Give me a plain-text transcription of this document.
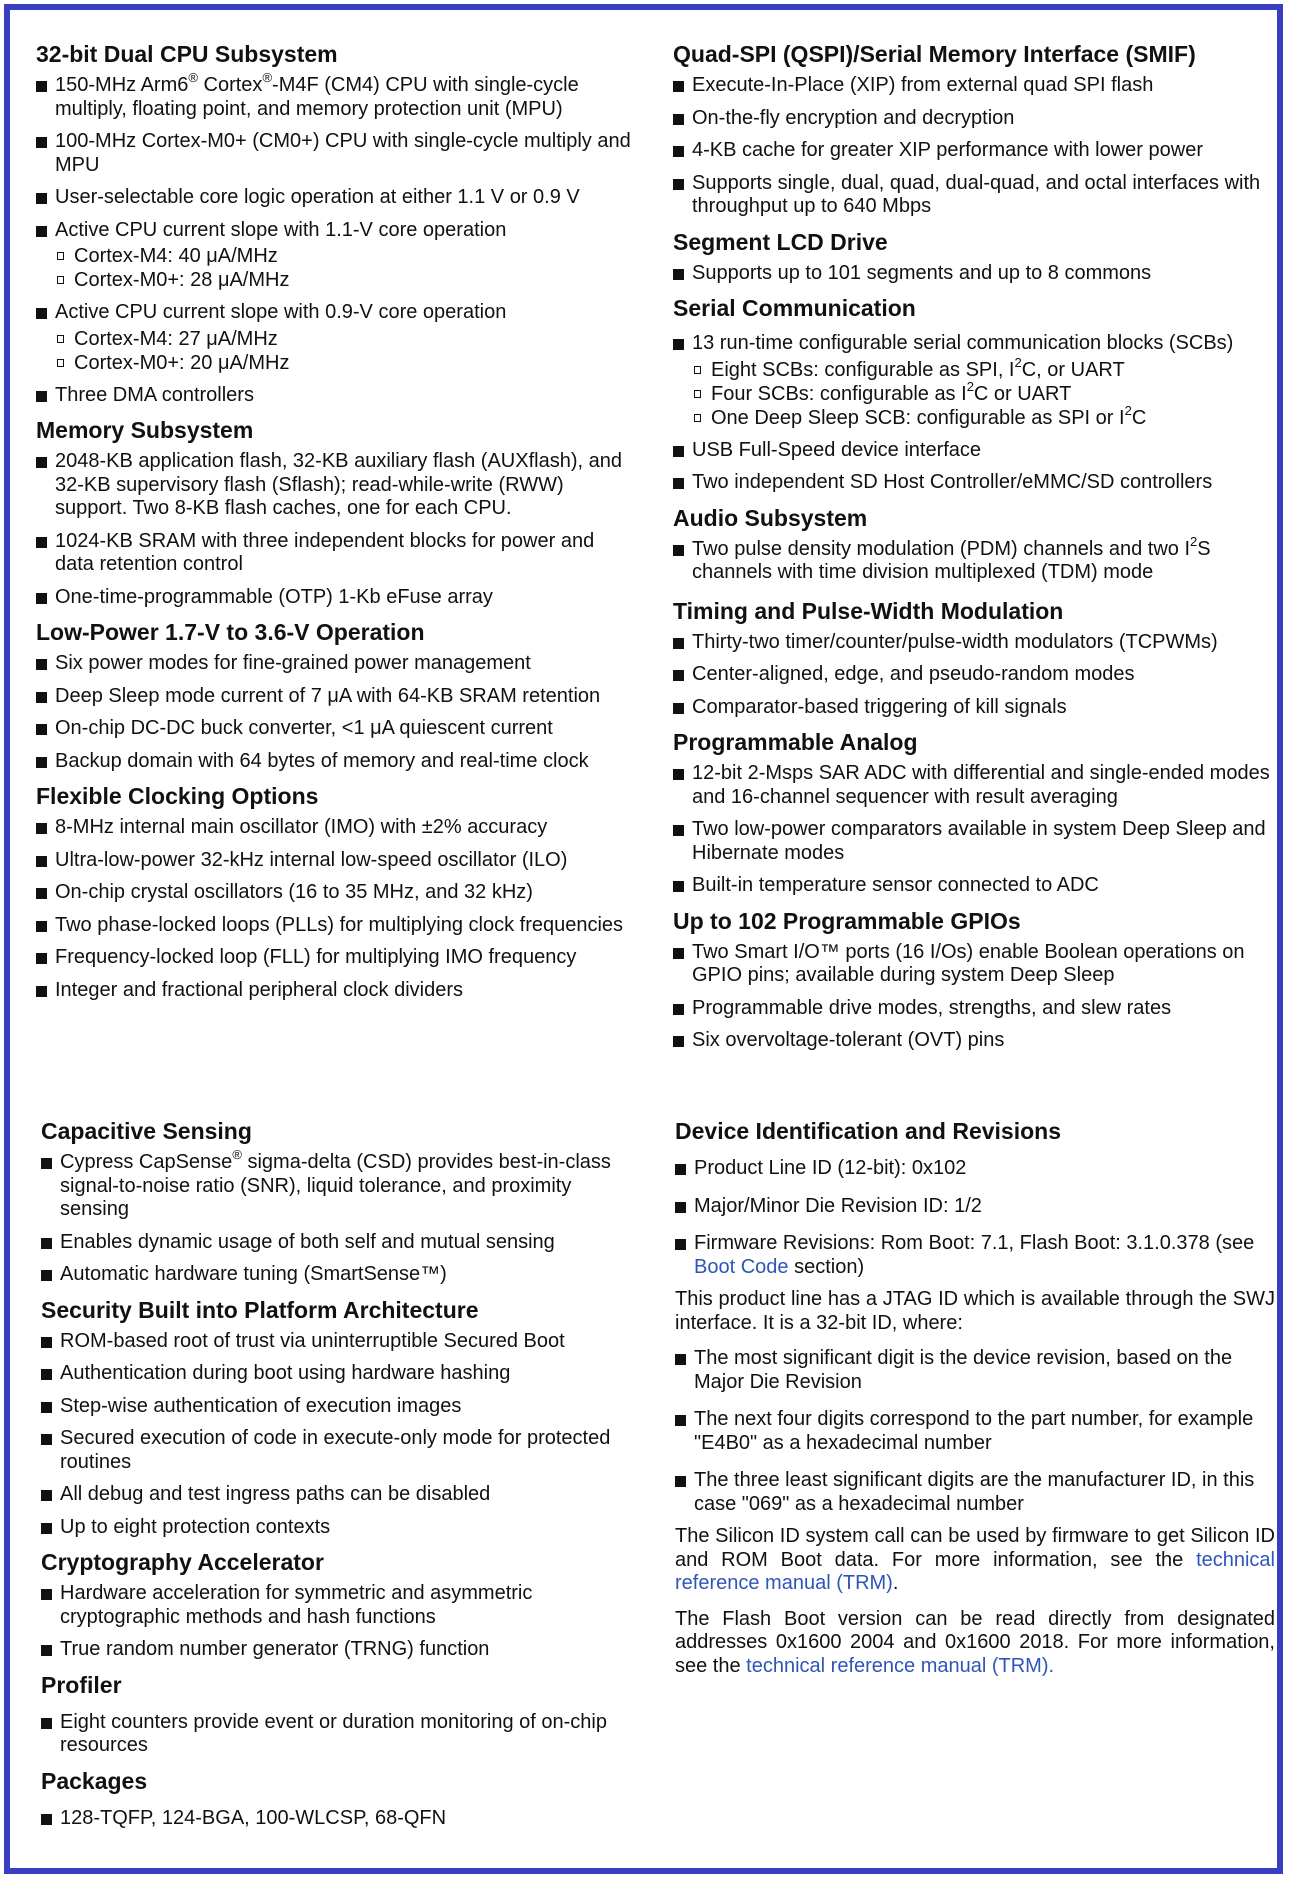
32-bit Dual CPU Subsystem
150-MHz Arm6® Cortex®-M4F (CM4) CPU with single-cycle multiply, floating point, and memory protection unit (MPU)
100-MHz Cortex-M0+ (CM0+) CPU with single-cycle multiply and MPU
User-selectable core logic operation at either 1.1 V or 0.9 V
Active CPU current slope with 1.1-V core operation
Cortex-M4: 40 μA/MHz
Cortex-M0+: 28 μA/MHz
Active CPU current slope with 0.9-V core operation
Cortex-M4: 27 μA/MHz
Cortex-M0+: 20 μA/MHz
Three DMA controllers
Memory Subsystem
2048-KB application flash, 32-KB auxiliary flash (AUXflash), and 32-KB supervisory flash (Sflash); read-while-write (RWW) support. Two 8-KB flash caches, one for each CPU.
1024-KB SRAM with three independent blocks for power and data retention control
One-time-programmable (OTP) 1-Kb eFuse array
Low-Power 1.7-V to 3.6-V Operation
Six power modes for fine-grained power management
Deep Sleep mode current of 7 μA with 64-KB SRAM retention
On-chip DC-DC buck converter, <1 μA quiescent current
Backup domain with 64 bytes of memory and real-time clock
Flexible Clocking Options
8-MHz internal main oscillator (IMO) with ±2% accuracy
Ultra-low-power 32-kHz internal low-speed oscillator (ILO)
On-chip crystal oscillators (16 to 35 MHz, and 32 kHz)
Two phase-locked loops (PLLs) for multiplying clock frequencies
Frequency-locked loop (FLL) for multiplying IMO frequency
Integer and fractional peripheral clock dividers
Capacitive Sensing
Cypress CapSense® sigma-delta (CSD) provides best-in-class signal-to-noise ratio (SNR), liquid tolerance, and proximity sensing
Enables dynamic usage of both self and mutual sensing
Automatic hardware tuning (SmartSense™)
Security Built into Platform Architecture
ROM-based root of trust via uninterruptible Secured Boot
Authentication during boot using hardware hashing
Step-wise authentication of execution images
Secured execution of code in execute-only mode for protected routines
All debug and test ingress paths can be disabled
Up to eight protection contexts
Cryptography Accelerator
Hardware acceleration for symmetric and asymmetric cryptographic methods and hash functions
True random number generator (TRNG) function
Profiler
Eight counters provide event or duration monitoring of on-chip resources
Packages
128-TQFP, 124-BGA, 100-WLCSP, 68-QFN
Quad-SPI (QSPI)/Serial Memory Interface (SMIF)
Execute-In-Place (XIP) from external quad SPI flash
On-the-fly encryption and decryption
4-KB cache for greater XIP performance with lower power
Supports single, dual, quad, dual-quad, and octal interfaces with throughput up to 640 Mbps
Segment LCD Drive
Supports up to 101 segments and up to 8 commons
Serial Communication
13 run-time configurable serial communication blocks (SCBs)
Eight SCBs: configurable as SPI, $I^2C$, or UART
Four SCBs: configurable as $I^2C$ or UART
One Deep Sleep SCB: configurable as SPI or $I^2C$
USB Full-Speed device interface
Two independent SD Host Controller/eMMC/SD controllers
Audio Subsystem
Two pulse density modulation (PDM) channels and two $I^2S$ channels with time division multiplexed (TDM) mode
Timing and Pulse-Width Modulation
Thirty-two timer/counter/pulse-width modulators (TCPWMs)
Center-aligned, edge, and pseudo-random modes
Comparator-based triggering of kill signals
Programmable Analog
12-bit 2-Msps SAR ADC with differential and single-ended modes and 16-channel sequencer with result averaging
Two low-power comparators available in system Deep Sleep and Hibernate modes
Built-in temperature sensor connected to ADC
Up to 102 Programmable GPIOs
Two Smart I/O™ ports (16 I/Os) enable Boolean operations on GPIO pins; available during system Deep Sleep
Programmable drive modes, strengths, and slew rates
Six overvoltage-tolerant (OVT) pins
Device Identification and Revisions
Product Line ID (12-bit): 0x102
Major/Minor Die Revision ID: 1/2
Firmware Revisions: Rom Boot: 7.1, Flash Boot: 3.1.0.378 (see Boot Code section)
This product line has a JTAG ID which is available through the SWJ interface. It is a 32-bit ID, where:
The most significant digit is the device revision, based on the Major Die Revision
The next four digits correspond to the part number, for example "E4B0" as a hexadecimal number
The three least significant digits are the manufacturer ID, in this case "069" as a hexadecimal number
The Silicon ID system call can be used by firmware to get Silicon ID and ROM Boot data. For more information, see the technical reference manual (TRM).
The Flash Boot version can be read directly from designated addresses 0x1600 2004 and 0x1600 2018. For more information, see the technical reference manual (TRM).
